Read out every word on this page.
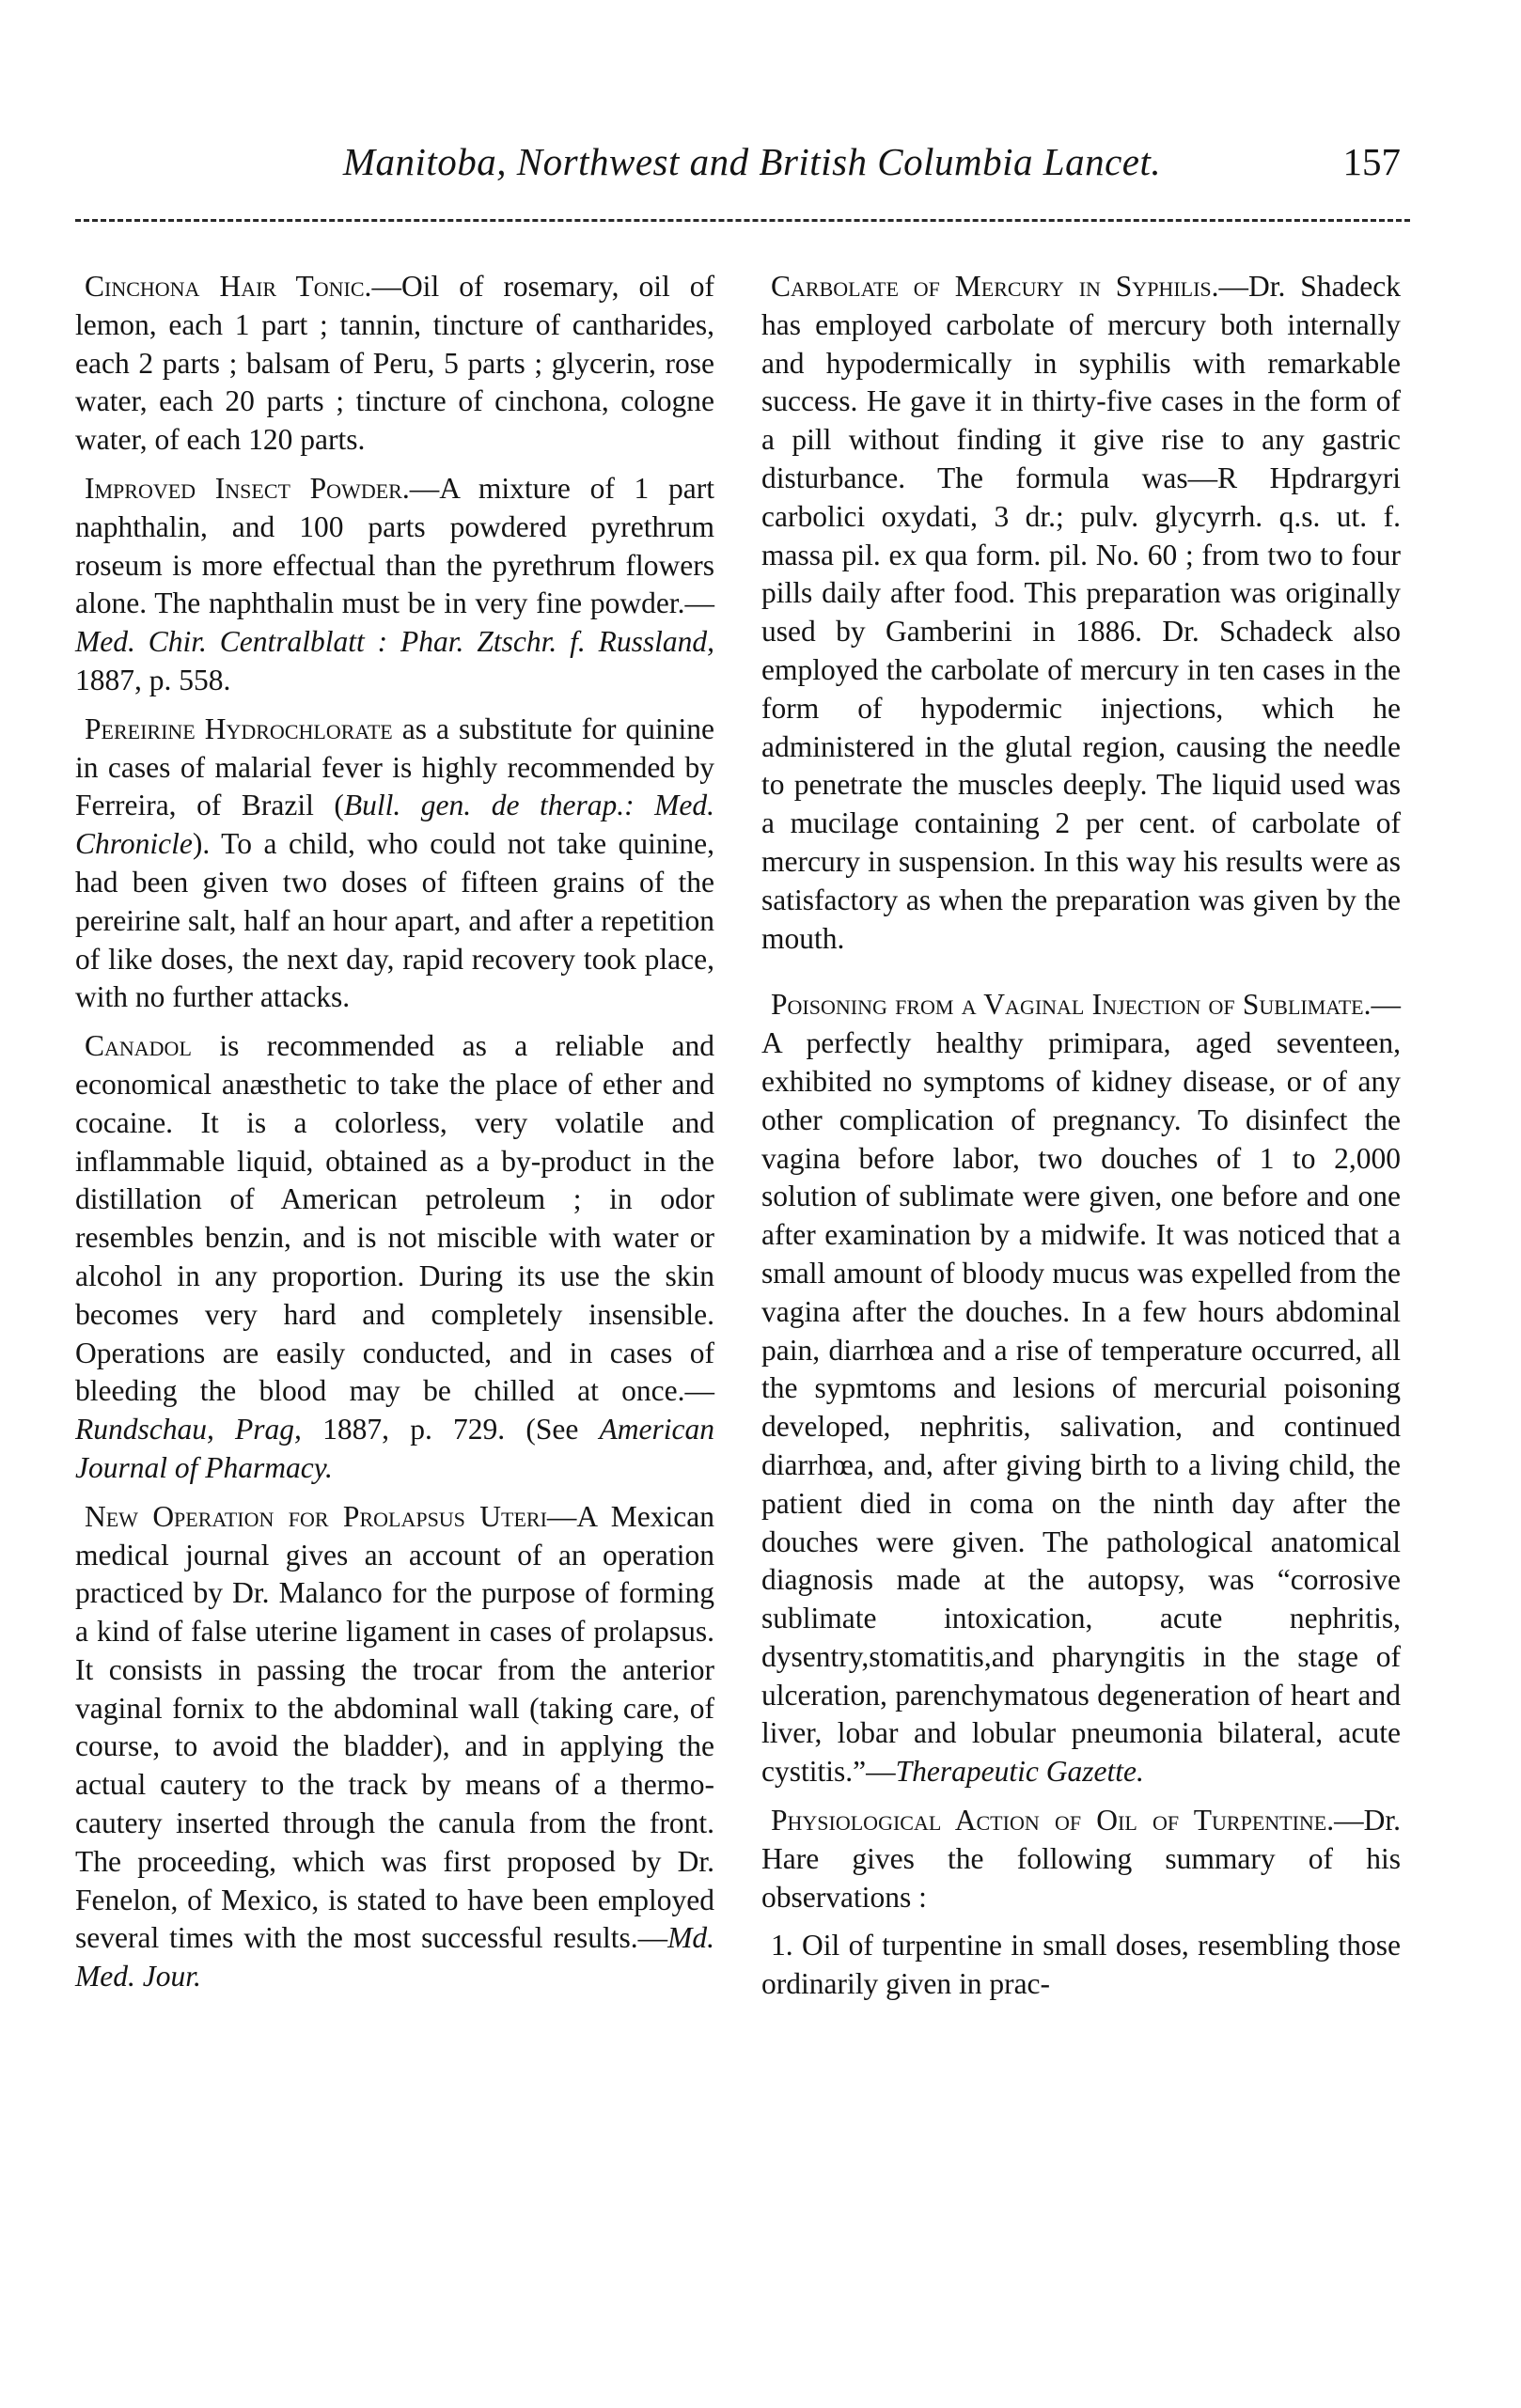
Manitoba, Northwest and British Columbia Lancet.	157

Cinchona Hair Tonic.—Oil of rosemary, oil of lemon, each 1 part ; tannin, tincture of cantharides, each 2 parts ; balsam of Peru, 5 parts ; glycerin, rose water, each 20 parts ; tincture of cinchona, cologne water, of each 120 parts.

Improved Insect Powder.—A mixture of 1 part naphthalin, and 100 parts powdered pyrethrum roseum is more effectual than the pyrethrum flowers alone. The naphthalin must be in very fine powder.—Med. Chir. Centralblatt : Phar. Ztschr. f. Russland, 1887, p. 558.

Pereirine Hydrochlorate as a substitute for quinine in cases of malarial fever is highly recommended by Ferreira, of Brazil (Bull. gen. de therap.: Med. Chronicle). To a child, who could not take quinine, had been given two doses of fifteen grains of the pereirine salt, half an hour apart, and after a repetition of like doses, the next day, rapid recovery took place, with no further attacks.

Canadol is recommended as a reliable and economical anæsthetic to take the place of ether and cocaine. It is a colorless, very volatile and inflammable liquid, obtained as a by-product in the distillation of American petroleum ; in odor resembles benzin, and is not miscible with water or alcohol in any proportion. During its use the skin becomes very hard and completely insensible. Operations are easily conducted, and in cases of bleeding the blood may be chilled at once.—Rundschau, Prag, 1887, p. 729. (See American Journal of Pharmacy.

New Operation for Prolapsus Uteri—A Mexican medical journal gives an account of an operation practiced by Dr. Malanco for the purpose of forming a kind of false uterine ligament in cases of prolapsus. It consists in passing the trocar from the anterior vaginal fornix to the abdominal wall (taking care, of course, to avoid the bladder), and in applying the actual cautery to the track by means of a thermo-cautery inserted through the canula from the front. The proceeding, which was first proposed by Dr. Fenelon, of Mexico, is stated to have been employed several times with the most successful results.—Md. Med. Jour.

Carbolate of Mercury in Syphilis.—Dr. Shadeck has employed carbolate of mercury both internally and hypodermically in syphilis with remarkable success. He gave it in thirty-five cases in the form of a pill without finding it give rise to any gastric disturbance. The formula was—R Hpdrargyri carbolici oxydati, 3 dr.; pulv. glycyrrh. q.s. ut. f. massa pil. ex qua form. pil. No. 60 ; from two to four pills daily after food. This preparation was originally used by Gamberini in 1886. Dr. Schadeck also employed the carbolate of mercury in ten cases in the form of hypodermic injections, which he administered in the glutal region, causing the needle to penetrate the muscles deeply. The liquid used was a mucilage containing 2 per cent. of carbolate of mercury in suspension. In this way his results were as satisfactory as when the preparation was given by the mouth.

Poisoning from a Vaginal Injection of Sublimate.— A perfectly healthy primipara, aged seventeen, exhibited no symptoms of kidney disease, or of any other complication of pregnancy. To disinfect the vagina before labor, two douches of 1 to 2,000 solution of sublimate were given, one before and one after examination by a midwife. It was noticed that a small amount of bloody mucus was expelled from the vagina after the douches. In a few hours abdominal pain, diarrhœa and a rise of temperature occurred, all the sypmtoms and lesions of mercurial poisoning developed, nephritis, salivation, and continued diarrhœa, and, after giving birth to a living child, the patient died in coma on the ninth day after the douches were given. The pathological anatomical diagnosis made at the autopsy, was “corrosive sublimate intoxication, acute nephritis, dysentry,stomatitis,and pharyngitis in the stage of ulceration, parenchymatous degeneration of heart and liver, lobar and lobular pneumonia bilateral, acute cystitis.”—Therapeutic Gazette.

Physiological Action of Oil of Turpentine.—Dr. Hare gives the following summary of his observations :

1. Oil of turpentine in small doses, resembling those ordinarily given in prac-
